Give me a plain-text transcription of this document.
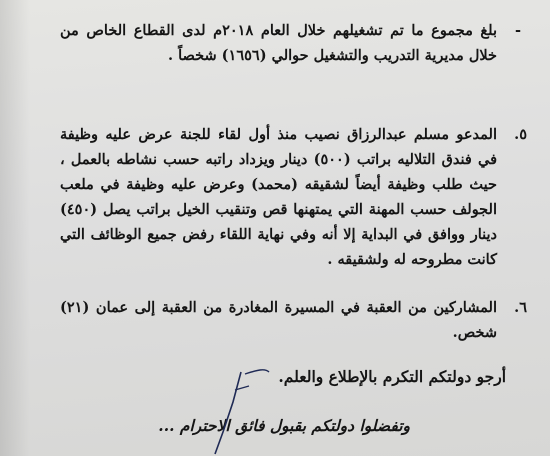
-
بلغ مجموع ما تم تشغيلهم خلال العام ٢٠١٨م لدى القطاع الخاص من خلال مديرية التدريب والتشغيل حوالي (١٦٥٦) شخصاً .
٥.
المدعو مسلم عبدالرزاق نصيب منذ أول لقاء للجنة عرض عليه وظيفة في فندق التلاليه براتب (٥٠٠) دينار ويزداد راتبه حسب نشاطه بالعمل ، حيث طلب وظيفة أيضاً لشقيقه (محمد) وعرض عليه وظيفة في ملعب الجولف حسب المهنة التي يمتهنها قص وتنقيب الخيل براتب يصل (٤٥٠) دينار ووافق في البداية إلا أنه وفي نهاية اللقاء رفض جميع الوظائف التي كانت مطروحه له ولشقيقه .
٦.
المشاركين من العقبة في المسيرة المغادرة من العقبة إلى عمان (٢١) شخص.
أرجو دولتكم التكرم بالإطلاع والعلم.
وتفضلوا دولتكم بقبول فائق الاحترام ...
